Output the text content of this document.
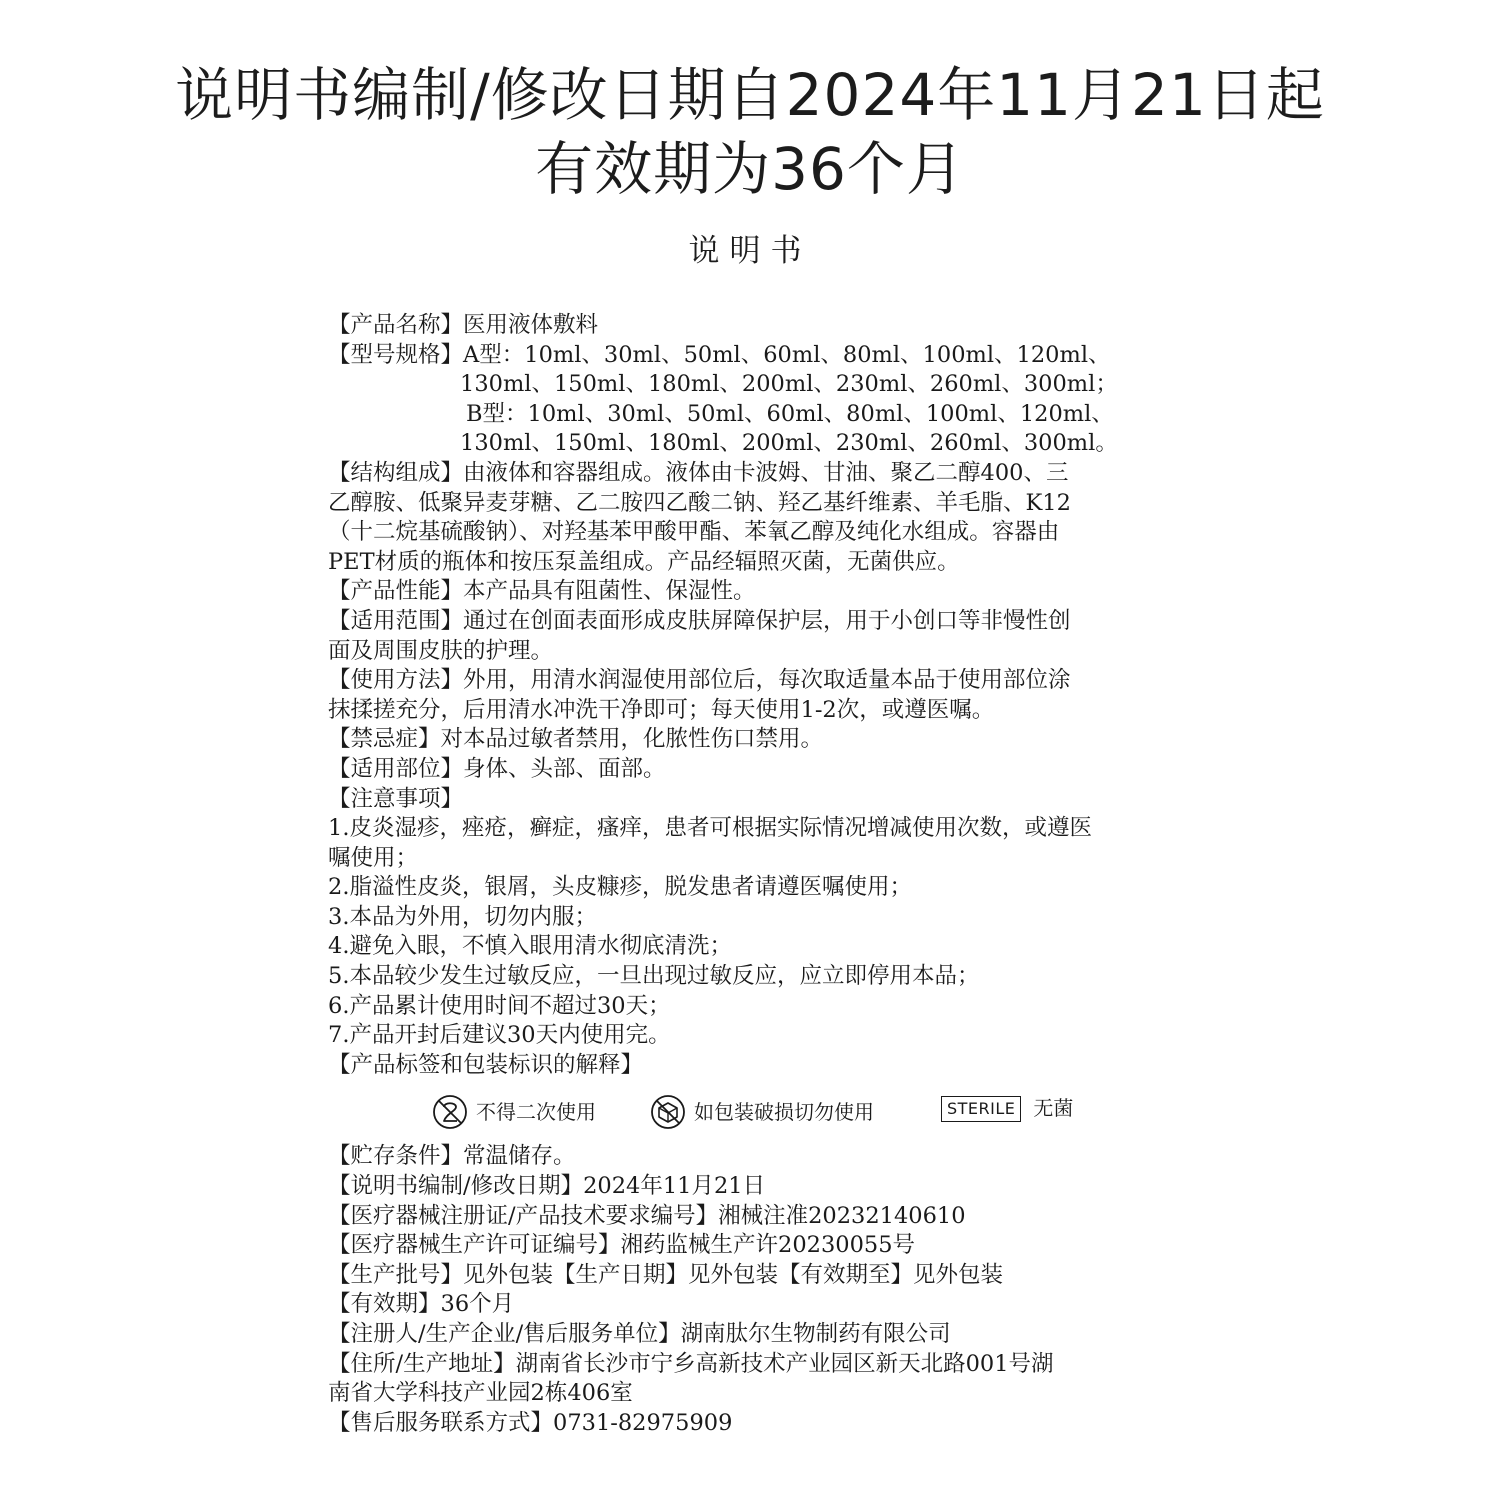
说明书编制/修改日期自2024年11月21日起
有效期为36个月
说明书
【产品名称】医用液体敷料
【型号规格】A型：10ml、30ml、50ml、60ml、80ml、100ml、120ml、
130ml、150ml、180ml、200ml、230ml、260ml、300ml；
B型：10ml、30ml、50ml、60ml、80ml、100ml、120ml、
130ml、150ml、180ml、200ml、230ml、260ml、300ml。
【结构组成】由液体和容器组成。液体由卡波姆、甘油、聚乙二醇400、三
乙醇胺、低聚异麦芽糖、乙二胺四乙酸二钠、羟乙基纤维素、羊毛脂、K12
（十二烷基硫酸钠）、对羟基苯甲酸甲酯、苯氧乙醇及纯化水组成。容器由
PET材质的瓶体和按压泵盖组成。产品经辐照灭菌，无菌供应。
【产品性能】本产品具有阻菌性、保湿性。
【适用范围】通过在创面表面形成皮肤屏障保护层，用于小创口等非慢性创
面及周围皮肤的护理。
【使用方法】外用，用清水润湿使用部位后，每次取适量本品于使用部位涂
抹揉搓充分，后用清水冲洗干净即可；每天使用1-2次，或遵医嘱。
【禁忌症】对本品过敏者禁用，化脓性伤口禁用。
【适用部位】身体、头部、面部。
【注意事项】
1.皮炎湿疹，痤疮，癣症，瘙痒，患者可根据实际情况增减使用次数，或遵医
嘱使用；
2.脂溢性皮炎，银屑，头皮糠疹，脱发患者请遵医嘱使用；
3.本品为外用，切勿内服；
4.避免入眼，不慎入眼用清水彻底清洗；
5.本品较少发生过敏反应，一旦出现过敏反应，应立即停用本品；
6.产品累计使用时间不超过30天；
7.产品开封后建议30天内使用完。
【产品标签和包装标识的解释】
不得二次使用	如包装破损切勿使用	STERILE 无菌
【贮存条件】常温储存。
【说明书编制/修改日期】2024年11月21日
【医疗器械注册证/产品技术要求编号】湘械注准20232140610
【医疗器械生产许可证编号】湘药监械生产许20230055号
【生产批号】见外包装【生产日期】见外包装【有效期至】见外包装
【有效期】36个月
【注册人/生产企业/售后服务单位】湖南肽尔生物制药有限公司
【住所/生产地址】湖南省长沙市宁乡高新技术产业园区新天北路001号湖
南省大学科技产业园2栋406室
【售后服务联系方式】0731-82975909
